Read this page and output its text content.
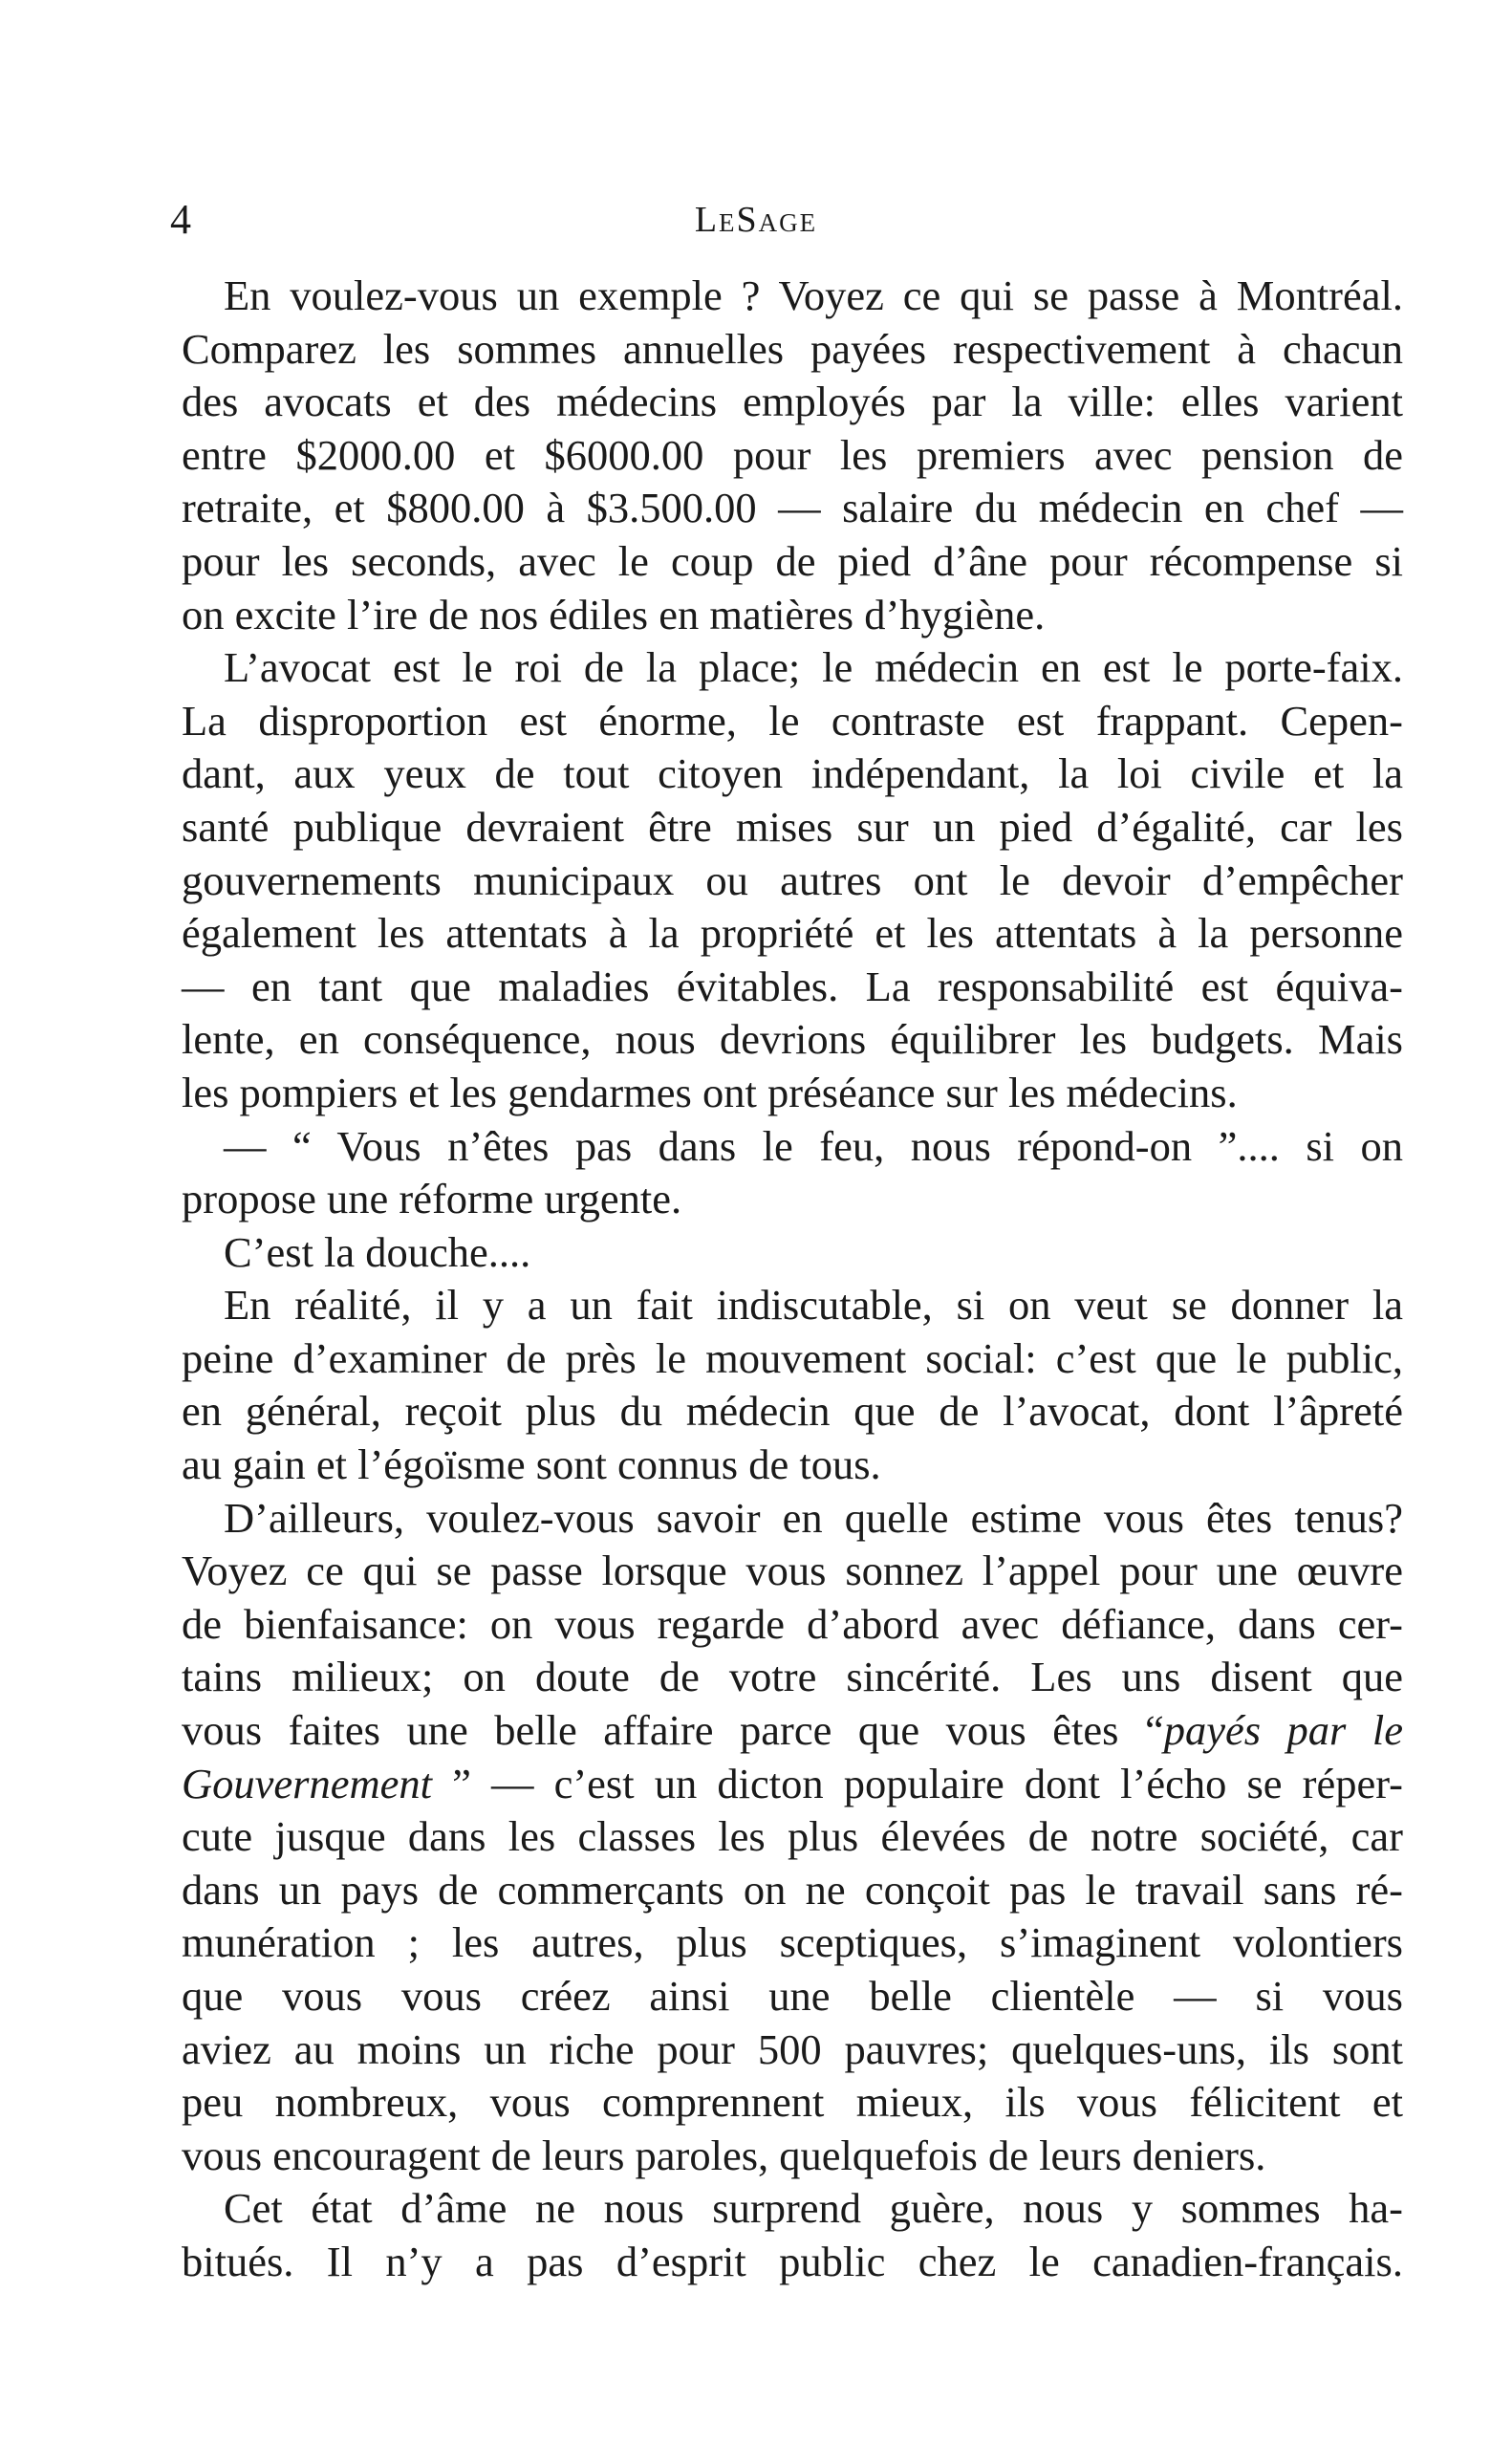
4	LeSage

En voulez-vous un exemple ? Voyez ce qui se passe à Montréal.

Comparez les sommes annuelles payées respectivement à chacun

des avocats et des médecins employés par la ville: elles varient

entre $2000.00 et $6000.00 pour les premiers avec pension de

retraite, et $800.00 à $3.500.00 — salaire du médecin en chef —

pour les seconds, avec le coup de pied d’âne pour récompense si

on excite l’ire de nos édiles en matières d’hygiène.

L’avocat est le roi de la place; le médecin en est le porte-faix.

La disproportion est énorme, le contraste est frappant. Cepen-

dant, aux yeux de tout citoyen indépendant, la loi civile et la

santé publique devraient être mises sur un pied d’égalité, car les

gouvernements municipaux ou autres ont le devoir d’empêcher

également les attentats à la propriété et les attentats à la personne

— en tant que maladies évitables. La responsabilité est équiva-

lente, en conséquence, nous devrions équilibrer les budgets. Mais

les pompiers et les gendarmes ont préséance sur les médecins.

— “ Vous n’êtes pas dans le feu, nous répond-on ”.... si on

propose une réforme urgente.

C’est la douche....

En réalité, il y a un fait indiscutable, si on veut se donner la

peine d’examiner de près le mouvement social: c’est que le public,

en général, reçoit plus du médecin que de l’avocat, dont l’âpreté

au gain et l’égoïsme sont connus de tous.

D’ailleurs, voulez-vous savoir en quelle estime vous êtes tenus?

Voyez ce qui se passe lorsque vous sonnez l’appel pour une œuvre

de bienfaisance: on vous regarde d’abord avec défiance, dans cer-

tains milieux; on doute de votre sincérité. Les uns disent que

vous faites une belle affaire parce que vous êtes “payés par le

Gouvernement ” — c’est un dicton populaire dont l’écho se réper-

cute jusque dans les classes les plus élevées de notre société, car

dans un pays de commerçants on ne conçoit pas le travail sans ré-

munération ; les autres, plus sceptiques, s’imaginent volontiers

que vous vous créez ainsi une belle clientèle — si vous

aviez au moins un riche pour 500 pauvres; quelques-uns, ils sont

peu nombreux, vous comprennent mieux, ils vous félicitent et

vous encouragent de leurs paroles, quelquefois de leurs deniers.

Cet état d’âme ne nous surprend guère, nous y sommes ha-

bitués. Il n’y a pas d’esprit public chez le canadien-français.
